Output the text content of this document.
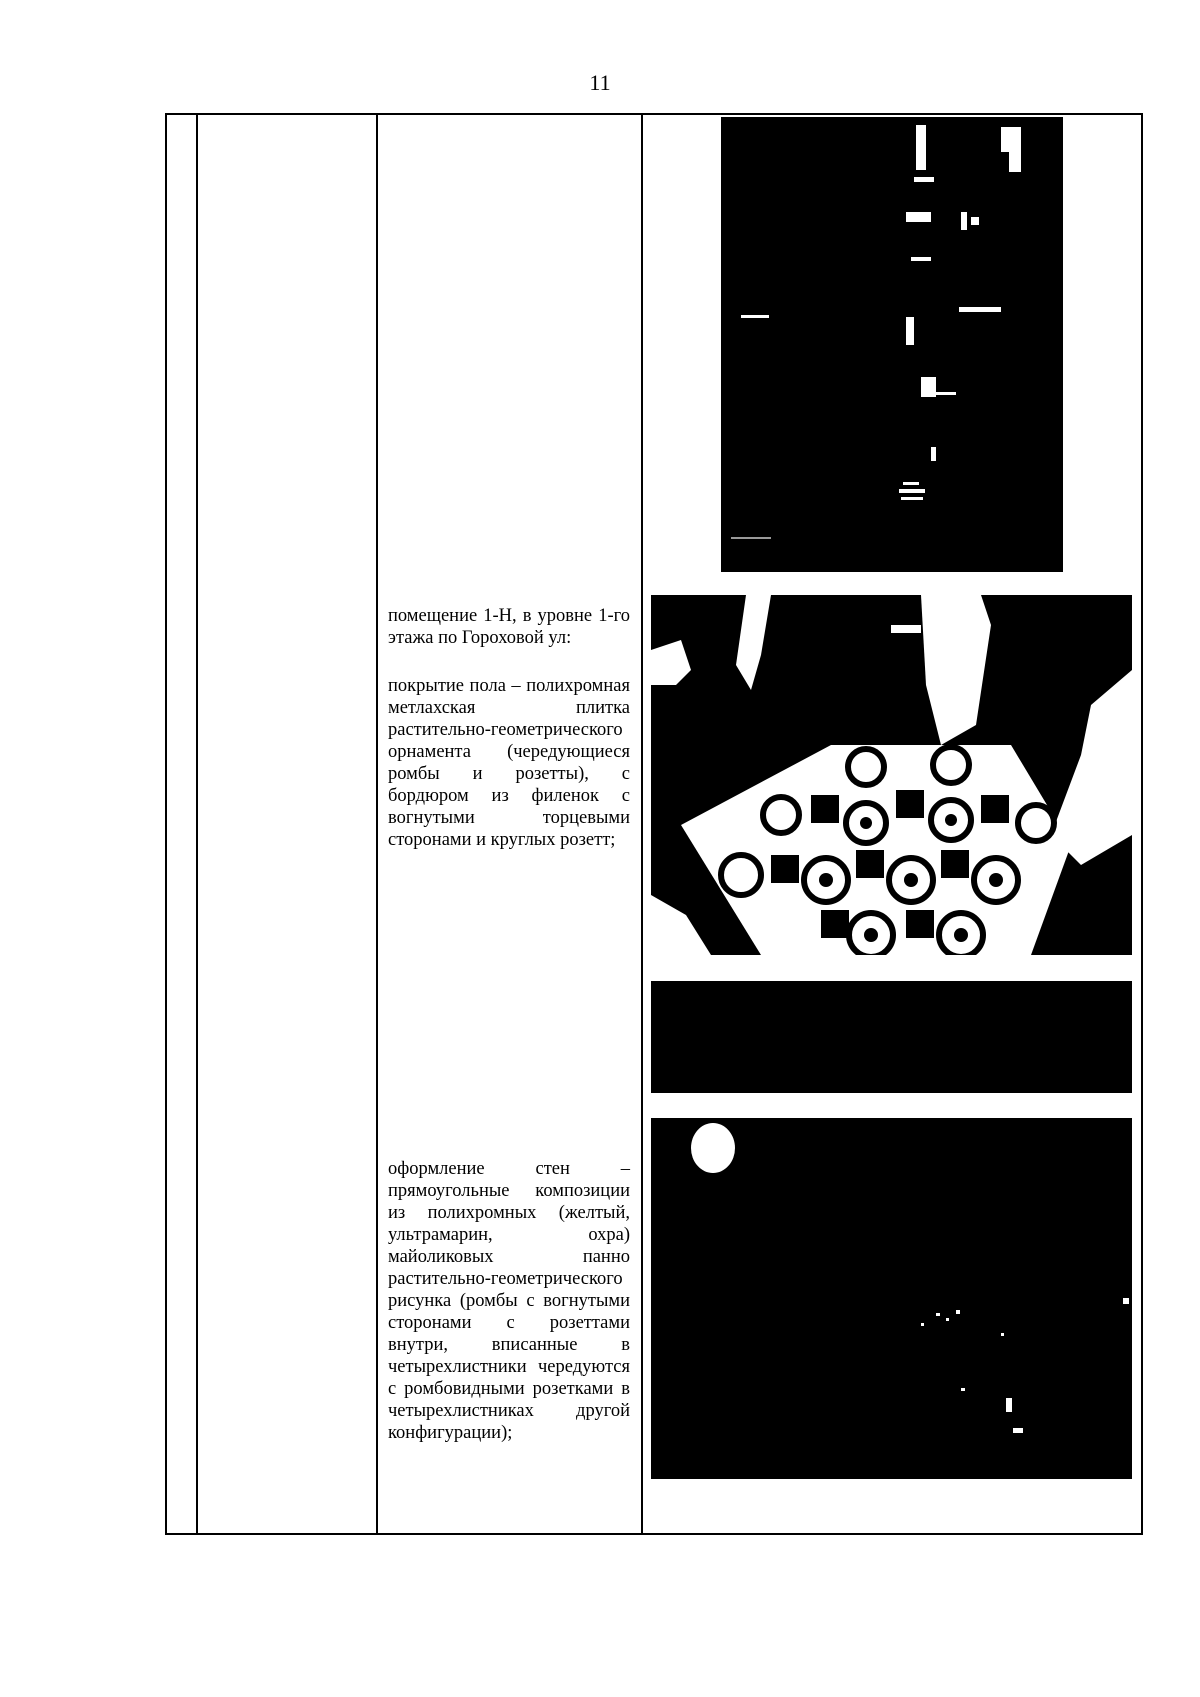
11
помещение 1-Н, в уровне 1-го этажа по Гороховой ул:
покрытие пола – полихромная метлахская плитка растительно-геометрического орнамента (чередующиеся ромбы и розетты), с бордюром из филенок с вогнутыми торцевыми сторонами и круглых розетт;
оформление стен – прямоугольные композиции из полихромных (желтый, ультрамарин, охра) майоликовых панно растительно-геометрического рисунка (ромбы с вогнутыми сторонами с розеттами внутри, вписанные в четырехлистники чередуются с ромбовидными розетками в четырехлистниках другой конфигурации);
